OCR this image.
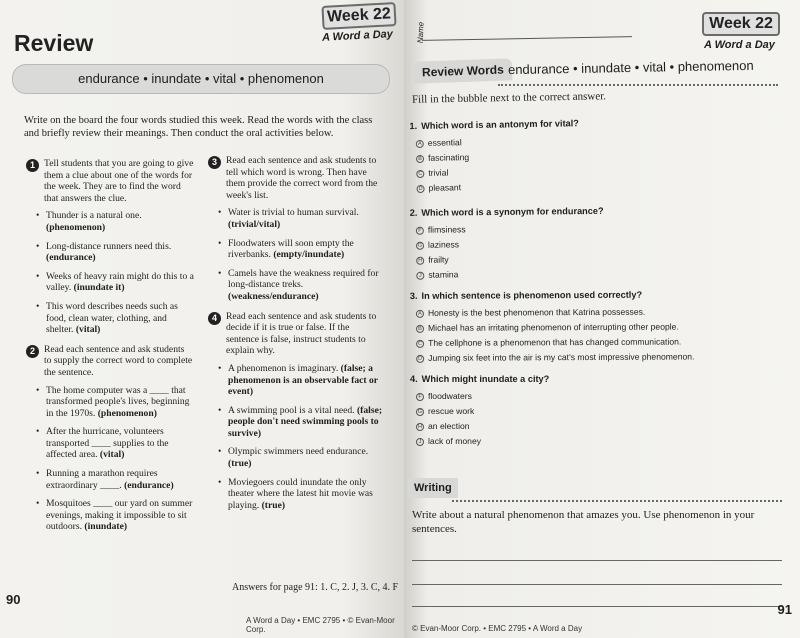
Review
Week 22
A Word a Day
endurance • inundate • vital • phenomenon
Write on the board the four words studied this week. Read the words with the class and briefly review their meanings. Then conduct the oral activities below.
1 Tell students that you are going to give them a clue about one of the words for the week. They are to find the word that answers the clue.
• Thunder is a natural one.
(phenomenon)
• Long-distance runners need this.
(endurance)
• Weeks of heavy rain might do this to a valley. (inundate it)
• This word describes needs such as food, clean water, clothing, and shelter. (vital)
2 Read each sentence and ask students to supply the correct word to complete the sentence.
• The home computer was a ____ that transformed people's lives, beginning in the 1970s. (phenomenon)
• After the hurricane, volunteers transported ____ supplies to the affected area. (vital)
• Running a marathon requires extraordinary ____. (endurance)
• Mosquitoes ____ our yard on summer evenings, making it impossible to sit outdoors. (inundate)
3 Read each sentence and ask students to tell which word is wrong. Then have them provide the correct word from the week's list.
• Water is trivial to human survival.
(trivial/vital)
• Floodwaters will soon empty the riverbanks. (empty/inundate)
• Camels have the weakness required for long-distance treks. (weakness/endurance)
4 Read each sentence and ask students to decide if it is true or false. If the sentence is false, instruct students to explain why.
• A phenomenon is imaginary. (false; a phenomenon is an observable fact or event)
• A swimming pool is a vital need. (false; people don't need swimming pools to survive)
• Olympic swimmers need endurance. (true)
• Moviegoers could inundate the only theater where the latest hit movie was playing. (true)
Answers for page 91: 1. C, 2. J, 3. C, 4. F
90
A Word a Day • EMC 2795 • © Evan-Moor Corp.
Name	Week 22
A Word a Day
Review Words endurance • inundate • vital • phenomenon
Fill in the bubble next to the correct answer.
1. Which word is an antonym for vital?
A essential
B fascinating
C trivial
D pleasant
2. Which word is a synonym for endurance?
F flimsiness
G laziness
H frailty
J stamina
3. In which sentence is phenomenon used correctly?
A Honesty is the best phenomenon that Katrina possesses.
B Michael has an irritating phenomenon of interrupting other people.
C The cellphone is a phenomenon that has changed communication.
D Jumping six feet into the air is my cat's most impressive phenomenon.
4. Which might inundate a city?
F floodwaters
G rescue work
H an election
J lack of money
Writing
Write about a natural phenomenon that amazes you. Use phenomenon in your sentences.
91
© Evan-Moor Corp. • EMC 2795 • A Word a Day
